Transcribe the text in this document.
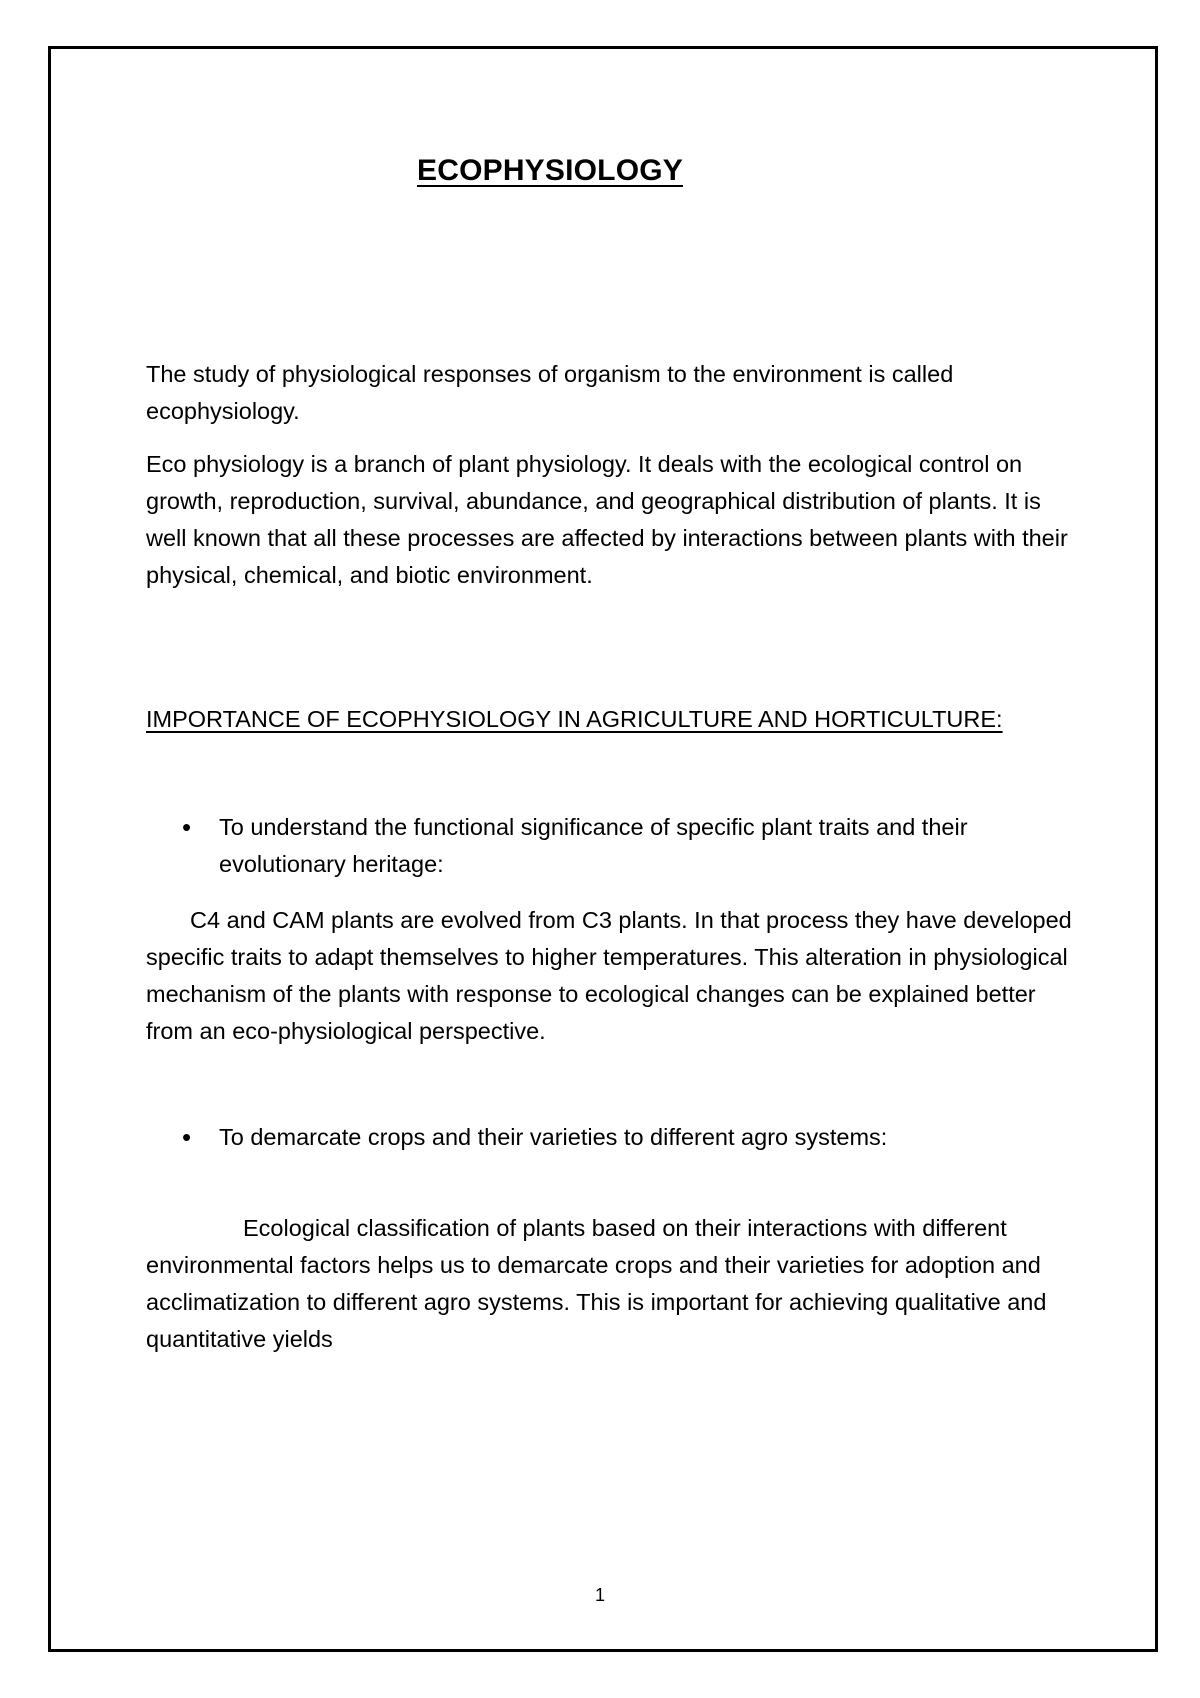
ECOPHYSIOLOGY

The study of physiological responses of organism to the environment is called ecophysiology.

Eco physiology is a branch of plant physiology. It deals with the ecological control on growth, reproduction, survival, abundance, and geographical distribution of plants. It is well known that all these processes are affected by interactions between plants with their physical, chemical, and biotic environment.

IMPORTANCE OF ECOPHYSIOLOGY IN AGRICULTURE AND HORTICULTURE:
• To understand the functional significance of specific plant traits and their evolutionary heritage:

C4 and CAM plants are evolved from C3 plants. In that process they have developed specific traits to adapt themselves to higher temperatures. This alteration in physiological mechanism of the plants with response to ecological changes can be explained better from an eco-physiological perspective.

• To demarcate crops and their varieties to different agro systems:

Ecological classification of plants based on their interactions with different environmental factors helps us to demarcate crops and their varieties for adoption and acclimatization to different agro systems. This is important for achieving qualitative and quantitative yields

1
